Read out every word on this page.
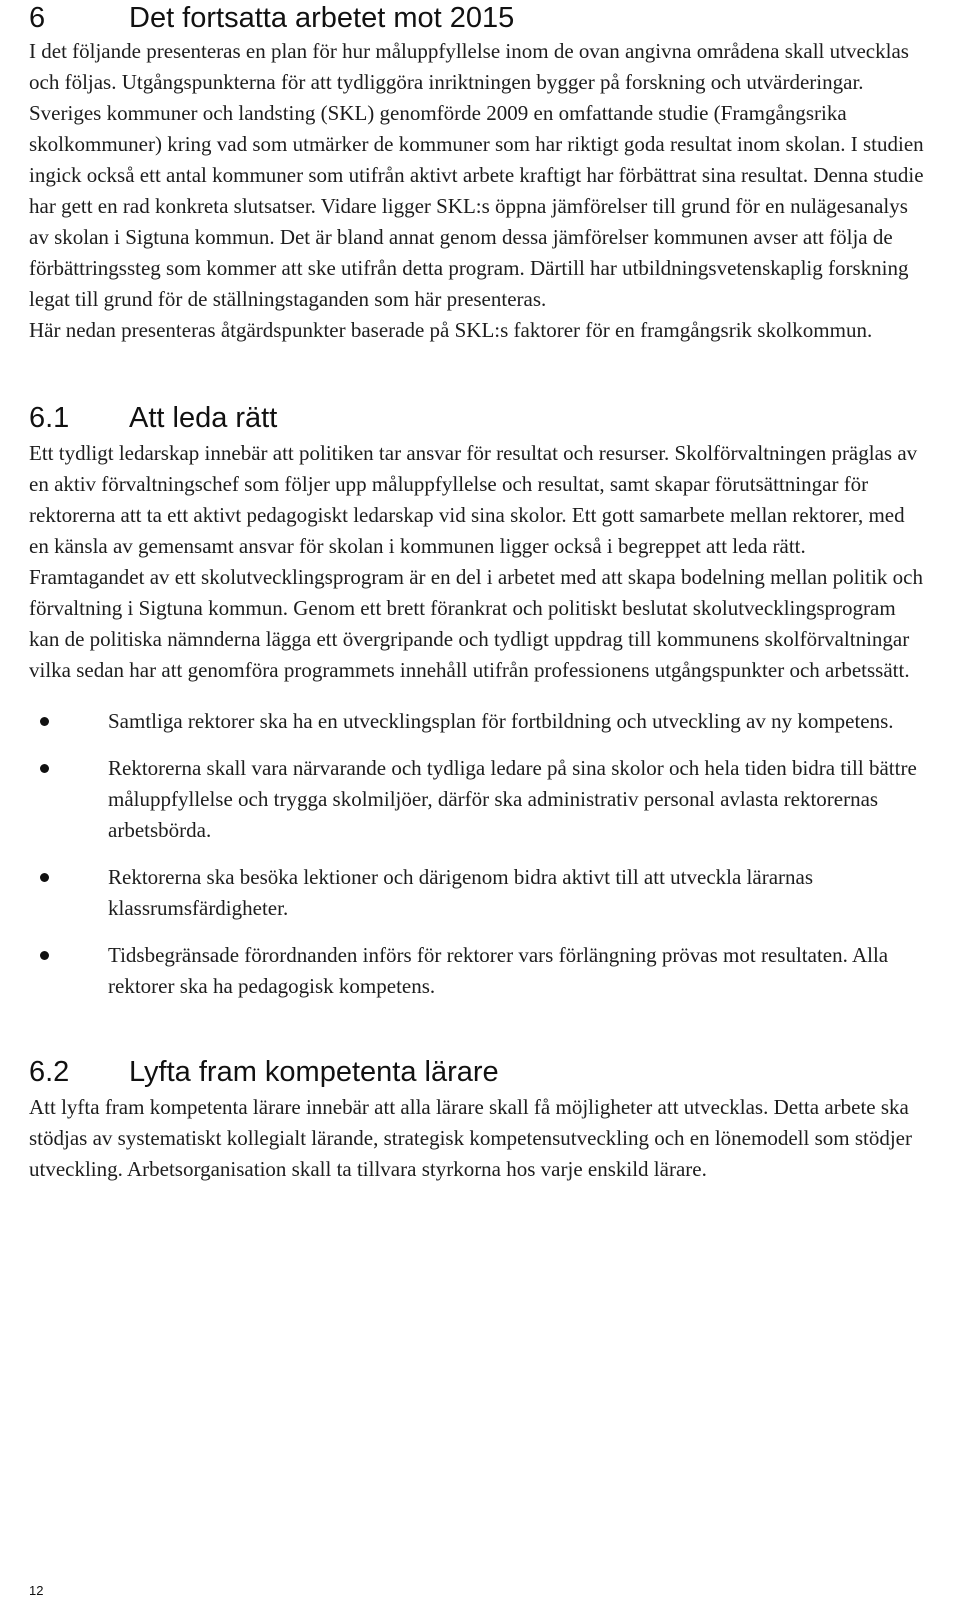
6	Det fortsatta arbetet mot 2015

I det följande presenteras en plan för hur måluppfyllelse inom de ovan angivna områdena skall utvecklas och följas. Utgångspunkterna för att tydliggöra inriktningen bygger på forskning och utvärderingar. Sveriges kommuner och landsting (SKL) genomförde 2009 en omfattande studie (Framgångsrika skolkommuner) kring vad som utmärker de kommuner som har riktigt goda resultat inom skolan. I studien ingick också ett antal kommuner som utifrån aktivt arbete kraftigt har förbättrat sina resultat. Denna studie har gett en rad konkreta slutsatser. Vidare ligger SKL:s öppna jämförelser till grund för en nulägesanalys av skolan i Sigtuna kommun. Det är bland annat genom dessa jämförelser kommunen avser att följa de förbättringssteg som kommer att ske utifrån detta program. Därtill har utbildningsvetenskaplig forskning legat till grund för de ställningstaganden som här presenteras.

Här nedan presenteras åtgärdspunkter baserade på SKL:s faktorer för en framgångsrik skolkommun.

6.1 Att leda rätt

Ett tydligt ledarskap innebär att politiken tar ansvar för resultat och resurser. Skolförvaltningen präglas av en aktiv förvaltningschef som följer upp måluppfyllelse och resultat, samt skapar förutsättningar för rektorerna att ta ett aktivt pedagogiskt ledarskap vid sina skolor. Ett gott samarbete mellan rektorer, med en känsla av gemensamt ansvar för skolan i kommunen ligger också i begreppet att leda rätt.

Framtagandet av ett skolutvecklingsprogram är en del i arbetet med att skapa bodelning mellan politik och förvaltning i Sigtuna kommun. Genom ett brett förankrat och politiskt beslutat skolutvecklingsprogram kan de politiska nämnderna lägga ett övergripande och tydligt uppdrag till kommunens skolförvaltningar vilka sedan har att genomföra programmets innehåll utifrån professionens utgångspunkter och arbetssätt.

Samtliga rektorer ska ha en utvecklingsplan för fortbildning och utveckling av ny kompetens.
Rektorerna skall vara närvarande och tydliga ledare på sina skolor och hela tiden bidra till bättre måluppfyllelse och trygga skolmiljöer, därför ska administrativ personal avlasta rektorernas arbetsbörda.
Rektorerna ska besöka lektioner och därigenom bidra aktivt till att utveckla lärarnas klassrumsfärdigheter.
Tidsbegränsade förordnanden införs för rektorer vars förlängning prövas mot resultaten. Alla rektorer ska ha pedagogisk kompetens.
6.2 Lyfta fram kompetenta lärare

Att lyfta fram kompetenta lärare innebär att alla lärare skall få möjligheter att utvecklas. Detta arbete ska stödjas av systematiskt kollegialt lärande, strategisk kompetensutveckling och en lönemodell som stödjer utveckling. Arbetsorganisation skall ta tillvara styrkorna hos varje enskild lärare.

12
